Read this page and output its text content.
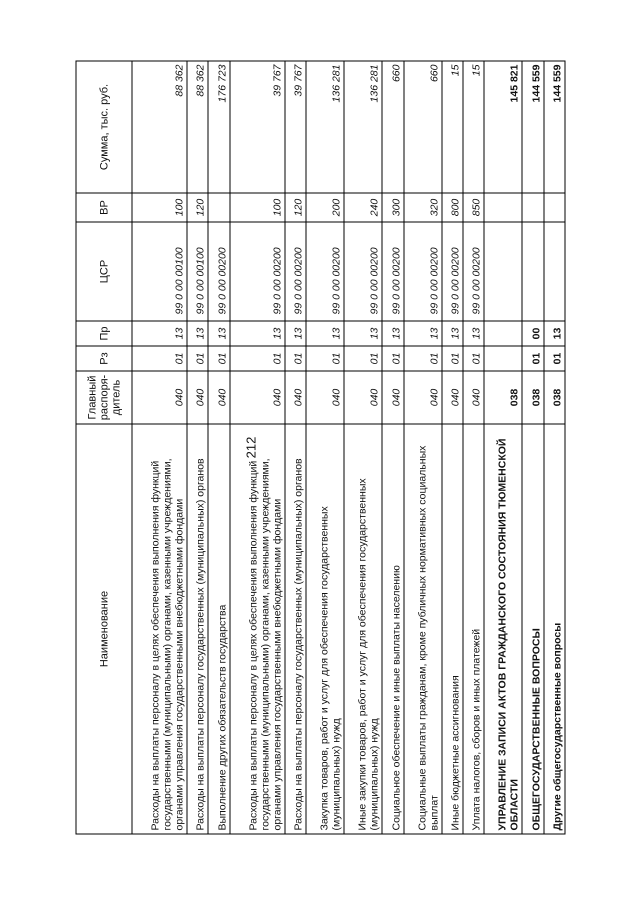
212
Наименование	Главный распоря-дитель	Рз	Пр	ЦСР	ВР	Сумма, тыс. руб.
Расходы на выплаты персоналу в целях обеспечения выполнения функций государственными (муниципальными) органами, казенными учреждениями, органами управления государственными внебюджетными фондами	040	01	13	99 0 00 00100	100	88 362
Расходы на выплаты персоналу государственных (муниципальных) органов	040	01	13	99 0 00 00100	120	88 362
Выполнение других обязательств государства	040	01	13	99 0 00 00200		176 723
Расходы на выплаты персоналу в целях обеспечения выполнения функций государственными (муниципальными) органами, казенными учреждениями, органами управления государственными внебюджетными фондами	040	01	13	99 0 00 00200	100	39 767
Расходы на выплаты персоналу государственных (муниципальных) органов	040	01	13	99 0 00 00200	120	39 767
Закупка товаров, работ и услуг для обеспечения государственных (муниципальных) нужд	040	01	13	99 0 00 00200	200	136 281
Иные закупки товаров, работ и услуг для обеспечения государственных (муниципальных) нужд	040	01	13	99 0 00 00200	240	136 281
Социальное обеспечение и иные выплаты населению	040	01	13	99 0 00 00200	300	660
Социальные выплаты гражданам, кроме публичных нормативных социальных выплат	040	01	13	99 0 00 00200	320	660
Иные бюджетные ассигнования	040	01	13	99 0 00 00200	800	15
Уплата налогов, сборов и иных платежей	040	01	13	99 0 00 00200	850	15
УПРАВЛЕНИЕ ЗАПИСИ АКТОВ ГРАЖДАНСКОГО СОСТОЯНИЯ ТЮМЕНСКОЙ ОБЛАСТИ	038					145 821
ОБЩЕГОСУДАРСТВЕННЫЕ ВОПРОСЫ	038	01	00			144 559
Другие общегосударственные вопросы	038	01	13			144 559
